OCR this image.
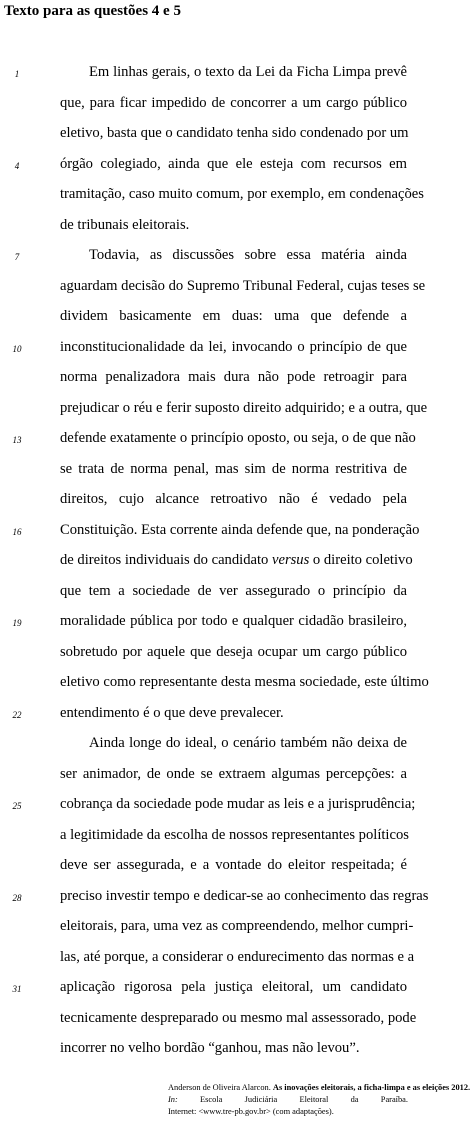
Texto para as questões 4 e 5
Em linhas gerais, o texto da Lei da Ficha Limpa prevê
que, para ficar impedido de concorrer a um cargo público
eletivo, basta que o candidato tenha sido condenado por um
órgão colegiado, ainda que ele esteja com recursos em
tramitação, caso muito comum, por exemplo, em condenações
de tribunais eleitorais.
Todavia, as discussões sobre essa matéria ainda
aguardam decisão do Supremo Tribunal Federal, cujas teses se
dividem basicamente em duas: uma que defende a
inconstitucionalidade da lei, invocando o princípio de que
norma penalizadora mais dura não pode retroagir para
prejudicar o réu e ferir suposto direito adquirido; e a outra, que
defende exatamente o princípio oposto, ou seja, o de que não
se trata de norma penal, mas sim de norma restritiva de
direitos, cujo alcance retroativo não é vedado pela
Constituição. Esta corrente ainda defende que, na ponderação
de direitos individuais do candidato versus o direito coletivo
que tem a sociedade de ver assegurado o princípio da
moralidade pública por todo e qualquer cidadão brasileiro,
sobretudo por aquele que deseja ocupar um cargo público
eletivo como representante desta mesma sociedade, este último
entendimento é o que deve prevalecer.
Ainda longe do ideal, o cenário também não deixa de
ser animador, de onde se extraem algumas percepções: a
cobrança da sociedade pode mudar as leis e a jurisprudência;
a legitimidade da escolha de nossos representantes políticos
deve ser assegurada, e a vontade do eleitor respeitada; é
preciso investir tempo e dedicar-se ao conhecimento das regras
eleitorais, para, uma vez as compreendendo, melhor cumpri-
las, até porque, a considerar o endurecimento das normas e a
aplicação rigorosa pela justiça eleitoral, um candidato
tecnicamente despreparado ou mesmo mal assessorado, pode
incorrer no velho bordão “ganhou, mas não levou”.
1
4
7
10
13
16
19
22
25
28
31
Anderson de Oliveira Alarcon. As inovações eleitorais, a ficha-limpa e as eleições 2012.
In:	Escola Judiciária Eleitoral da Paraíba.
Internet: <www.tre-pb.gov.br> (com adaptações).
